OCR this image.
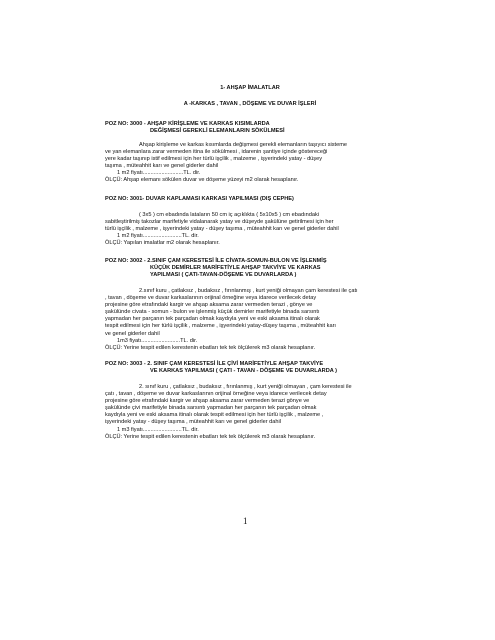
1- AHŞAP İMALATLAR
A -KARKAS , TAVAN , DÖŞEME VE DUVAR İŞLERİ
POZ NO: 3000 - AHŞAP KİRİŞLEME VE KARKAS KISIMLARDA
DEĞİŞMESİ GEREKLİ ELEMANLARIN SÖKÜLMESİ

Ahşap kirişleme ve karkas kısımlarda değişmesi gerekli elemanların taşıyıcı sisteme

ve yan elemanlara zarar vermeden itina ile sökülmesi , idarenin şantiye içinde göstereceği

yere kadar taşınıp istif edilmesi için her türlü işçilik , malzeme , işyerindeki yatay - düşey

taşıma , müteahhit karı ve genel giderler dahil

1 m2 fiyatı..........................TL. dir.

ÖLÇÜ: Ahşap elemanı sökülen duvar ve döşeme yüzeyi m2 olarak hesaplanır.

POZ NO: 3001- DUVAR KAPLAMASI KARKASI YAPILMASI (DIŞ CEPHE)

( 3x5 ) cm ebadında lataların 50 cm iç açıklıkta ( 5x10x5 ) cm ebadındaki

sabitleştirilmiş takozlar marifetiyle vidalanarak yatay ve düşeyde şakülüne getirilmesi için her

türlü işçilik , malzeme , işyerindeki yatay - düşey taşıma , müteahhit karı ve genel giderler dahil

1 m2 fiyatı.........................TL. dir.

ÖLÇÜ: Yapılan imalatlar m2 olarak hesaplanır.

POZ NO: 3002 - 2.SINIF ÇAM KERESTESİ İLE CİVATA-SOMUN-BULON VE İŞLENMİŞ
KÜÇÜK DEMİRLER MARİFETİYLE AHŞAP TAKVİYE VE KARKAS
YAPILMASI ( ÇATI-TAVAN-DÖŞEME VE DUVARLARDA )

2.sınıf kuru , çatlaksız , budaksız , fırınlanmış , kurt yeniği olmayan çam kerestesi ile çatı

, tavan , döşeme ve duvar karkaslarının orijinal örneğine veya idarece verilecek detay

projesine göre etrafındaki kargir ve ahşap aksama zarar vermeden terazi , gönye ve

şakülünde civata - somun - bulon ve işlenmiş küçük demirler marifetiyle binada sarsıntı

yapmadan her parçanın tek parçadan olmak kaydıyla yeni ve eski aksama itinalı olarak

tespit edilmesi için her türlü işçilik , malzeme , işyerindeki yatay-düşey taşıma , müteahhit karı

ve genel giderler dahil

1m3 fiyatı.........................TL. dir.

ÖLÇÜ: Yerine tespit edilen kerestenin ebatları tek tek ölçülerek m3 olarak hesaplanır.

POZ NO: 3003 - 2. SINIF ÇAM KERESTESİ İLE ÇİVİ MARİFETİYLE AHŞAP TAKVİYE
VE KARKAS YAPILMASI ( ÇATI - TAVAN - DÖŞEME VE DUVARLARDA )

2. sınıf kuru , çatlaksız , budaksız , fırınlanmış , kurt yeniği olmayan , çam kerestesi ile

çatı , tavan , döşeme ve duvar karkaslarının orijinal örneğine veya idarece verilecek detay

projesine göre etrafındaki kargir ve ahşap aksama zarar vermeden terazi gönye ve

şakülünde çivi marifetiyle binada sarsıntı yapmadan her parçanın tek parçadan olmak

kaydıyla yeni ve eski aksama itinalı olarak tespit edilmesi için her türlü işçilik , malzeme ,

işyerindeki yatay - düşey taşıma , müteahhit karı ve genel giderler dahil

1 m3 fiyatı.........................TL. dir.

ÖLÇÜ: Yerine tespit edilen kerestenin ebatları tek tek ölçülerek m3 olarak hesaplanır.

1
